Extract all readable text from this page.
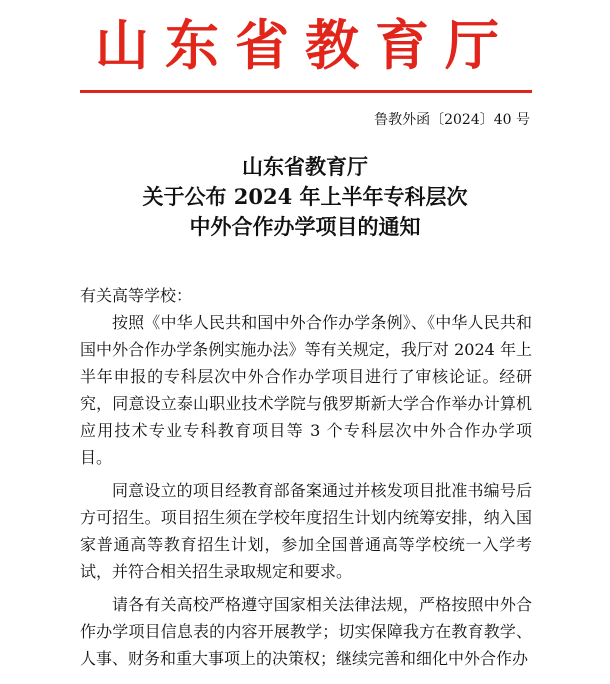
山东省教育厅
鲁教外函〔2024〕40 号
山东省教育厅
关于公布 2024 年上半年专科层次
中外合作办学项目的通知

有关高等学校：

按照《中华人民共和国中外合作办学条例》、《中华人民共和国中外合作办学条例实施办法》等有关规定，我厅对 2024 年上半年申报的专科层次中外合作办学项目进行了审核论证。经研究，同意设立泰山职业技术学院与俄罗斯新大学合作举办计算机应用技术专业专科教育项目等 3 个专科层次中外合作办学项目。

同意设立的项目经教育部备案通过并核发项目批准书编号后方可招生。项目招生须在学校年度招生计划内统筹安排，纳入国家普通高等教育招生计划，参加全国普通高等学校统一入学考试，并符合相关招生录取规定和要求。

请各有关高校严格遵守国家相关法律法规，严格按照中外合作办学项目信息表的内容开展教学；切实保障我方在教育教学、人事、财务和重大事项上的决策权；继续完善和细化中外合作办
